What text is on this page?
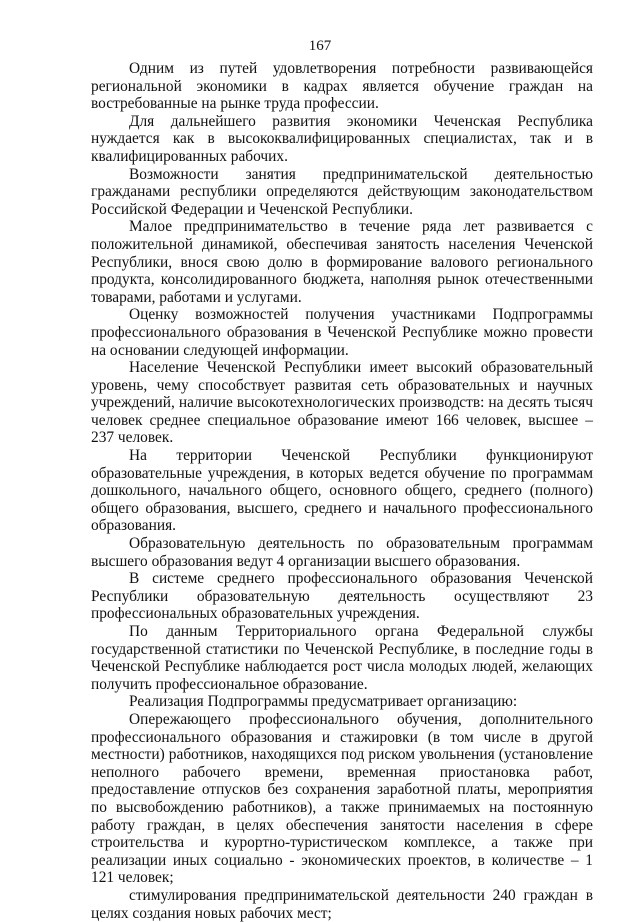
167

Одним из путей удовлетворения потребности развивающейся региональной экономики в кадрах является обучение граждан на востребованные на рынке труда профессии.

Для дальнейшего развития экономики Чеченская Республика нуждается как в высококвалифицированных специалистах, так и в квалифицированных рабочих.

Возможности занятия предпринимательской деятельностью гражданами республики определяются действующим законодательством Российской Федерации и Чеченской Республики.

Малое предпринимательство в течение ряда лет развивается с положительной динамикой, обеспечивая занятость населения Чеченской Республики, внося свою долю в формирование валового регионального продукта, консолидированного бюджета, наполняя рынок отечественными товарами, работами и услугами.

Оценку возможностей получения участниками Подпрограммы профессионального образования в Чеченской Республике можно провести на основании следующей информации.

Население Чеченской Республики имеет высокий образовательный уровень, чему способствует развитая сеть образовательных и научных учреждений, наличие высокотехнологических производств: на десять тысяч человек среднее специальное образование имеют 166 человек, высшее – 237 человек.

На территории Чеченской Республики функционируют образовательные учреждения, в которых ведется обучение по программам дошкольного, начального общего, основного общего, среднего (полного) общего образования, высшего, среднего и начального профессионального образования.

Образовательную деятельность по образовательным программам высшего образования ведут 4 организации высшего образования.

В системе среднего профессионального образования Чеченской Республики образовательную деятельность осуществляют 23 профессиональных образовательных учреждения.

По данным Территориального органа Федеральной службы государственной статистики по Чеченской Республике, в последние годы в Чеченской Республике наблюдается рост числа молодых людей, желающих получить профессиональное образование.

Реализация Подпрограммы предусматривает организацию:

Опережающего профессионального обучения, дополнительного профессионального образования и стажировки (в том числе в другой местности) работников, находящихся под риском увольнения (установление неполного рабочего времени, временная приостановка работ, предоставление отпусков без сохранения заработной платы, мероприятия по высвобождению работников), а также принимаемых на постоянную работу граждан, в целях обеспечения занятости населения в сфере строительства и курортно-туристическом комплексе, а также при реализации иных социально - экономических проектов, в количестве – 1 121 человек;

стимулирования предпринимательской деятельности 240 граждан в целях создания новых рабочих мест;
